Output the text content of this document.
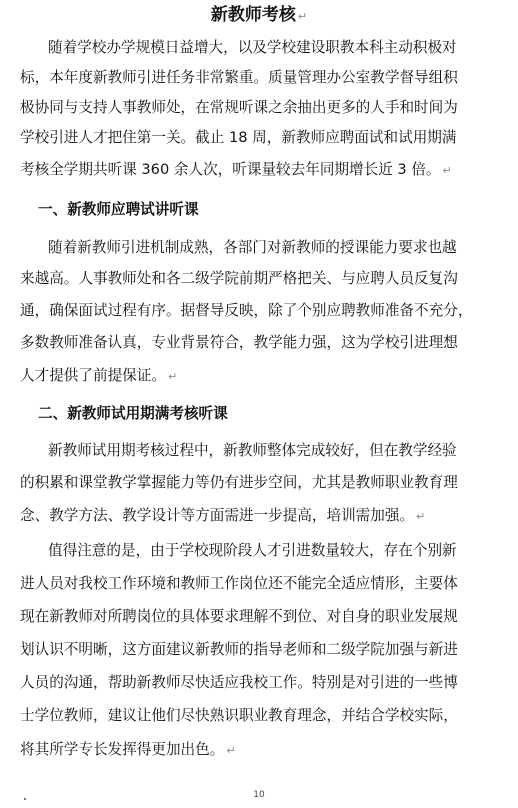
新教师考核 ↵
随着学校办学规模日益增大，以及学校建设职教本科主动积极对
标，本年度新教师引进任务非常繁重。质量管理办公室教学督导组积
极协同与支持人事教师处，在常规听课之余抽出更多的人手和时间为
学校引进人才把住第一关。截止 18 周，新教师应聘面试和试用期满
考核全学期共听课 360 余人次，听课量较去年同期增长近 3 倍。 ↵
一、新教师应聘试讲听课
随着新教师引进机制成熟，各部门对新教师的授课能力要求也越
来越高。人事教师处和各二级学院前期严格把关、与应聘人员反复沟
通，确保面试过程有序。据督导反映，除了个别应聘教师准备不充分，
多数教师准备认真，专业背景符合，教学能力强，这为学校引进理想
人才提供了前提保证。 ↵
二、新教师试用期满考核听课
新教师试用期考核过程中，新教师整体完成较好，但在教学经验
的积累和课堂教学掌握能力等仍有进步空间，尤其是教师职业教育理
念、教学方法、教学设计等方面需进一步提高，培训需加强。 ↵
值得注意的是，由于学校现阶段人才引进数量较大，存在个别新
进人员对我校工作环境和教师工作岗位还不能完全适应情形，主要体
现在新教师对所聘岗位的具体要求理解不到位、对自身的职业发展规
划认识不明晰，这方面建议新教师的指导老师和二级学院加强与新进
人员的沟通，帮助新教师尽快适应我校工作。特别是对引进的一些博
士学位教师，建议让他们尽快熟识职业教育理念，并结合学校实际，
将其所学专长发挥得更加出色。 ↵
10
